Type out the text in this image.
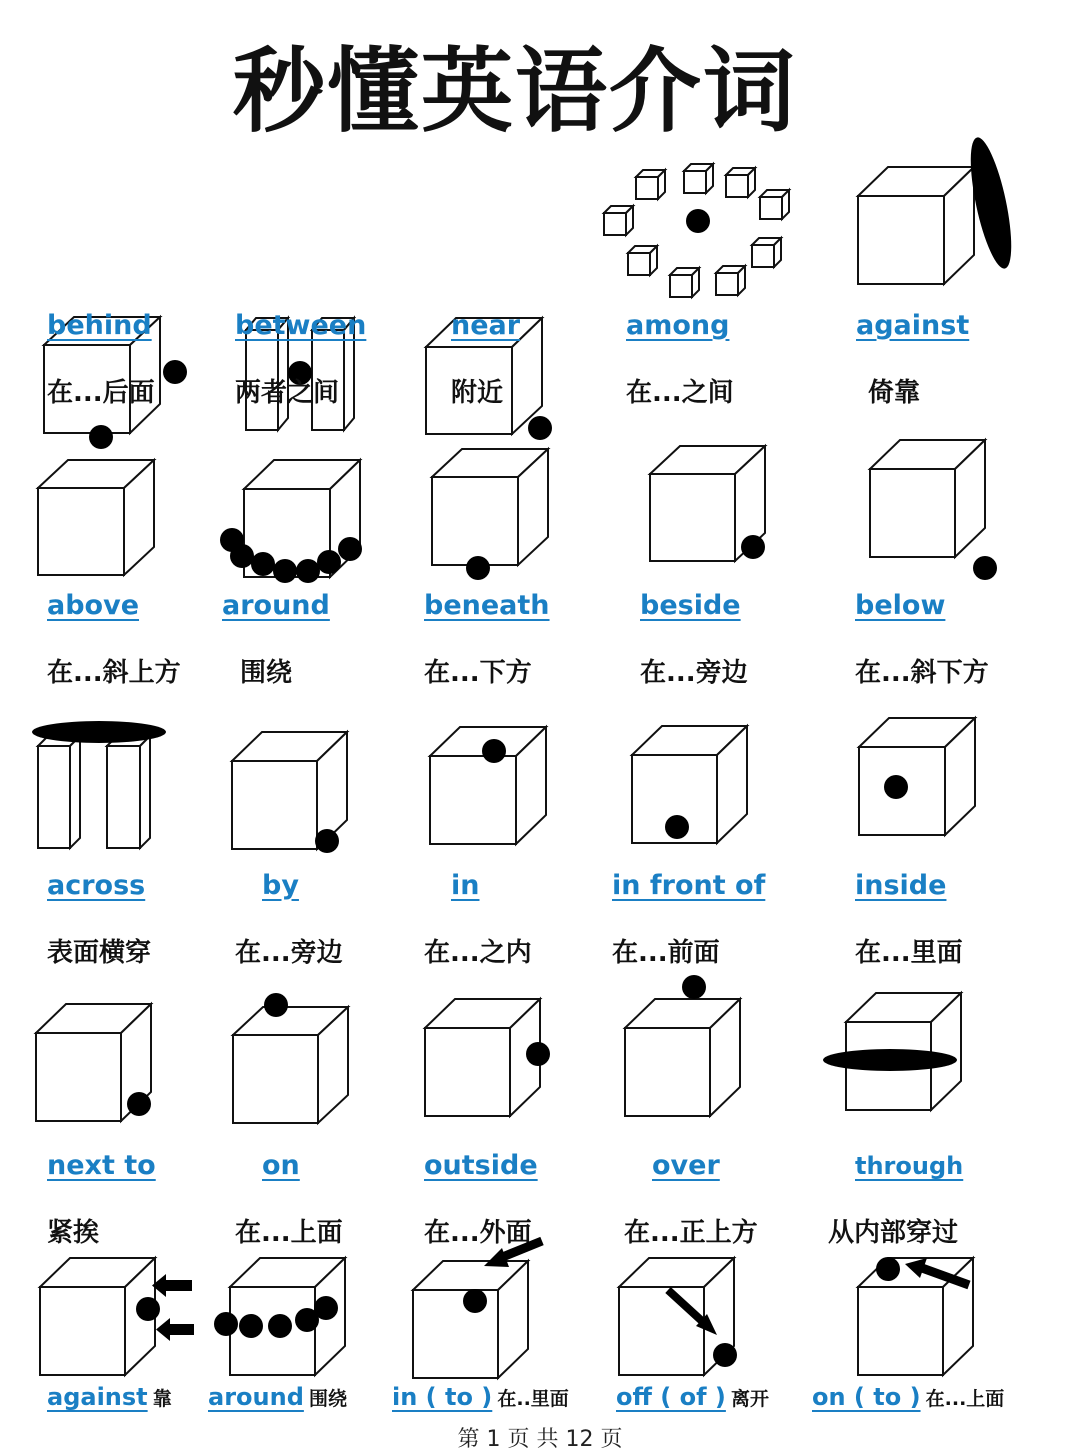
秒懂英语介词
behind
在...后面
between
两者之间
near
附近
among
在...之间
against
倚靠
above
在...斜上方
around
围绕
beneath
在...下方
beside
在...旁边
below
在...斜下方
across
表面横穿
by
在...旁边
in
在...之内
in front of
在...前面
inside
在...里面
next to
紧挨
on
在...上面
outside
在...外面
over
在...正上方
through
从内部穿过
against 靠 around 围绕 in ( to ) 在..里面 off ( of ) 离开 on ( to ) 在...上面
第 1 页 共 12 页
